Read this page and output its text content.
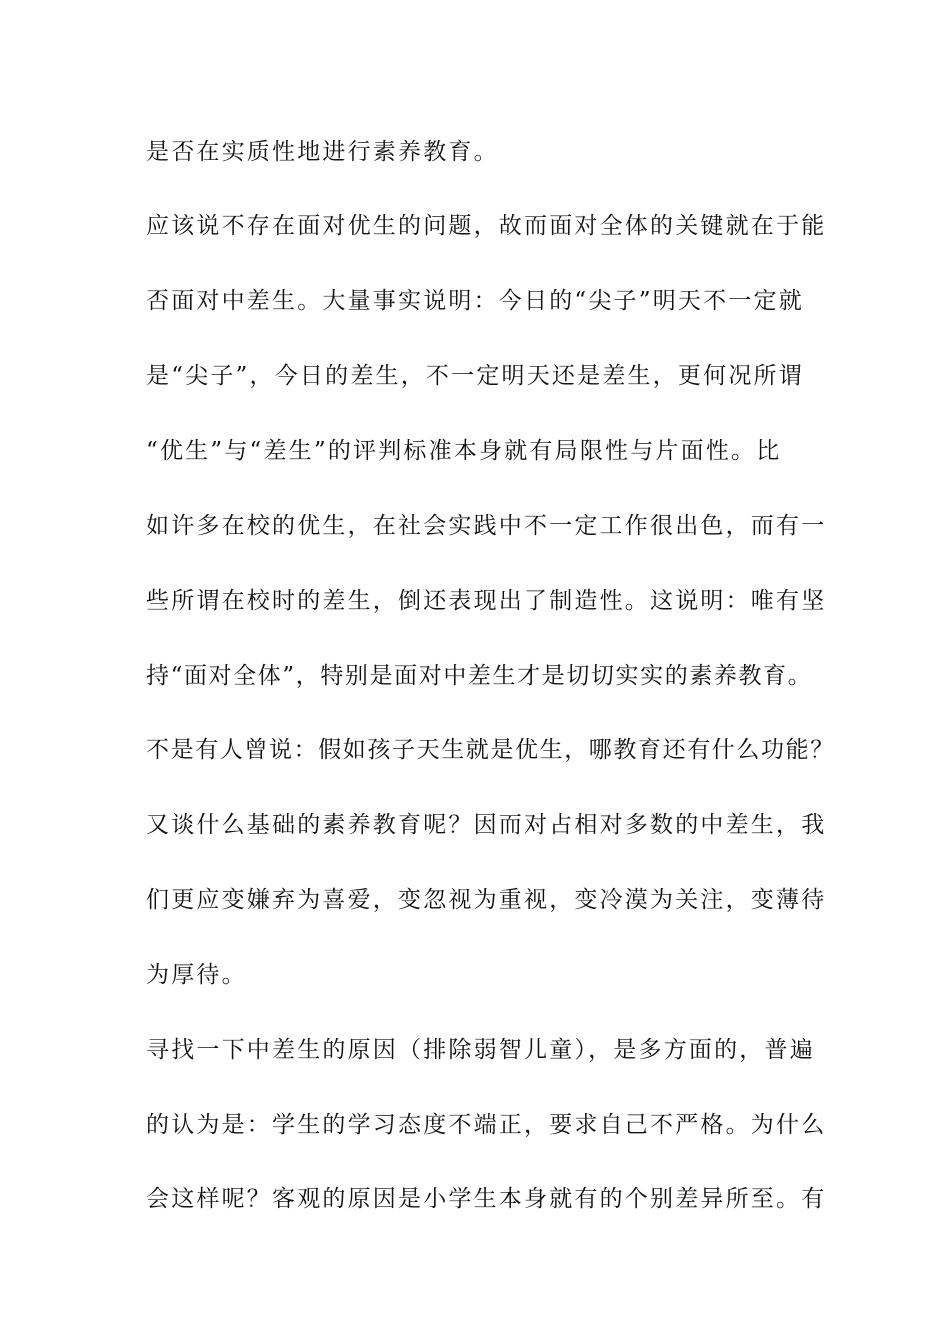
是否在实质性地进行素养教育。
应该说不存在面对优生的问题，故而面对全体的关键就在于能
否面对中差生。大量事实说明：今日的“尖子”明天不一定就
是“尖子”，今日的差生，不一定明天还是差生，更何况所谓
“优生”与“差生”的评判标准本身就有局限性与片面性。比
如许多在校的优生，在社会实践中不一定工作很出色，而有一
些所谓在校时的差生，倒还表现出了制造性。这说明：唯有坚
持“面对全体”，特别是面对中差生才是切切实实的素养教育。
不是有人曾说：假如孩子天生就是优生，哪教育还有什么功能？
又谈什么基础的素养教育呢？因而对占相对多数的中差生，我
们更应变嫌弃为喜爱，变忽视为重视，变冷漠为关注，变薄待
为厚待。
寻找一下中差生的原因（排除弱智儿童），是多方面的，普遍
的认为是：学生的学习态度不端正，要求自己不严格。为什么
会这样呢？客观的原因是小学生本身就有的个别差异所至。有
